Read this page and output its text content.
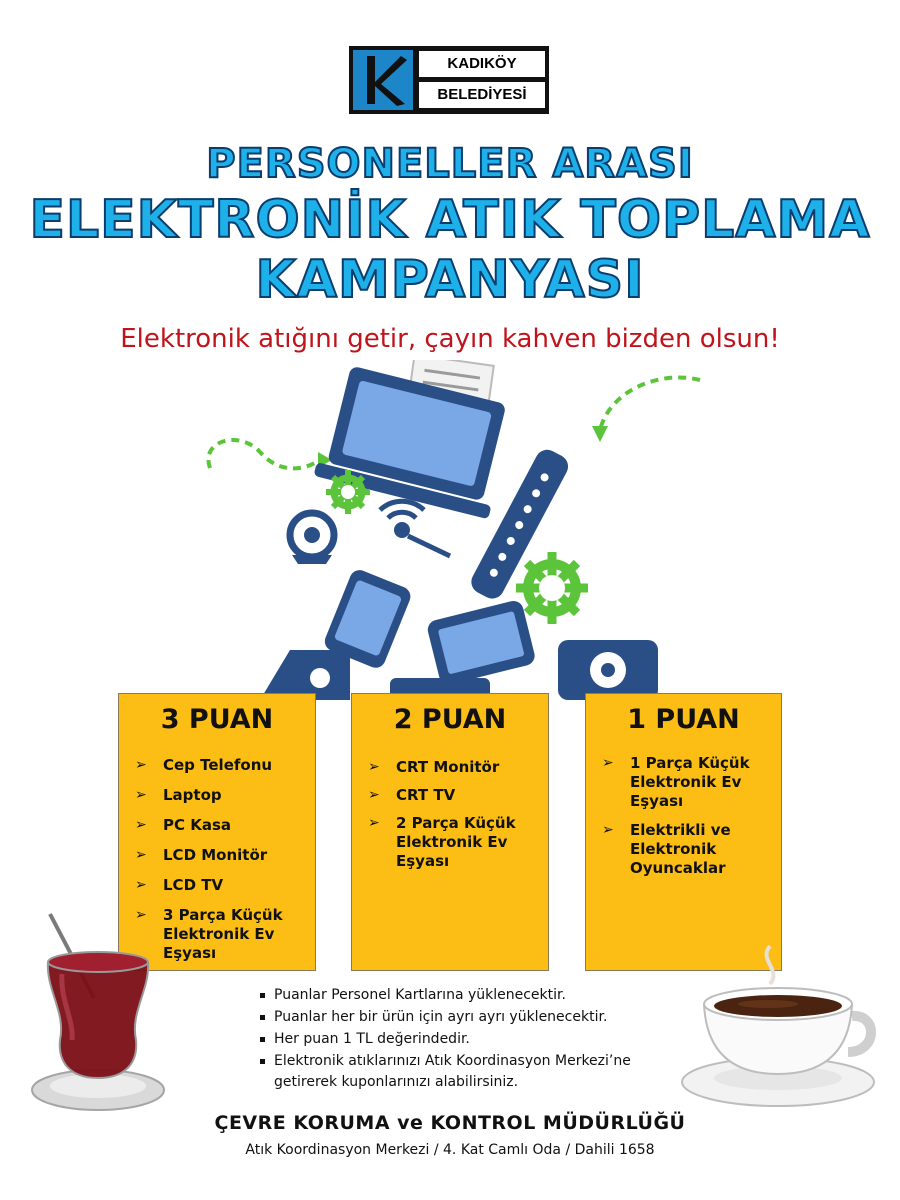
KADIKÖY
BELEDİYESİ
PERSONELLER ARASI
ELEKTRONİK ATIK TOPLAMA
KAMPANYASI
Elektronik atığını getir, çayın kahven bizden olsun!
3 PUAN
➢ Cep Telefonu
➢ Laptop
➢ PC Kasa
➢ LCD Monitör
➢ LCD TV
➢ 3 Parça Küçük Elektronik Ev Eşyası
2 PUAN
➢ CRT Monitör
➢ CRT TV
➢ 2 Parça Küçük Elektronik Ev Eşyası
1 PUAN
➢ 1 Parça Küçük Elektronik Ev Eşyası
➢ Elektrikli ve Elektronik Oyuncaklar
Puanlar Personel Kartlarına yüklenecektir.
Puanlar her bir ürün için ayrı ayrı yüklenecektir.
Her puan 1 TL değerindedir.
Elektronik atıklarınızı Atık Koordinasyon Merkezi’ne getirerek kuponlarınızı alabilirsiniz.
ÇEVRE KORUMA ve KONTROL MÜDÜRLÜĞÜ
Atık Koordinasyon Merkezi / 4. Kat Camlı Oda / Dahili 1658
